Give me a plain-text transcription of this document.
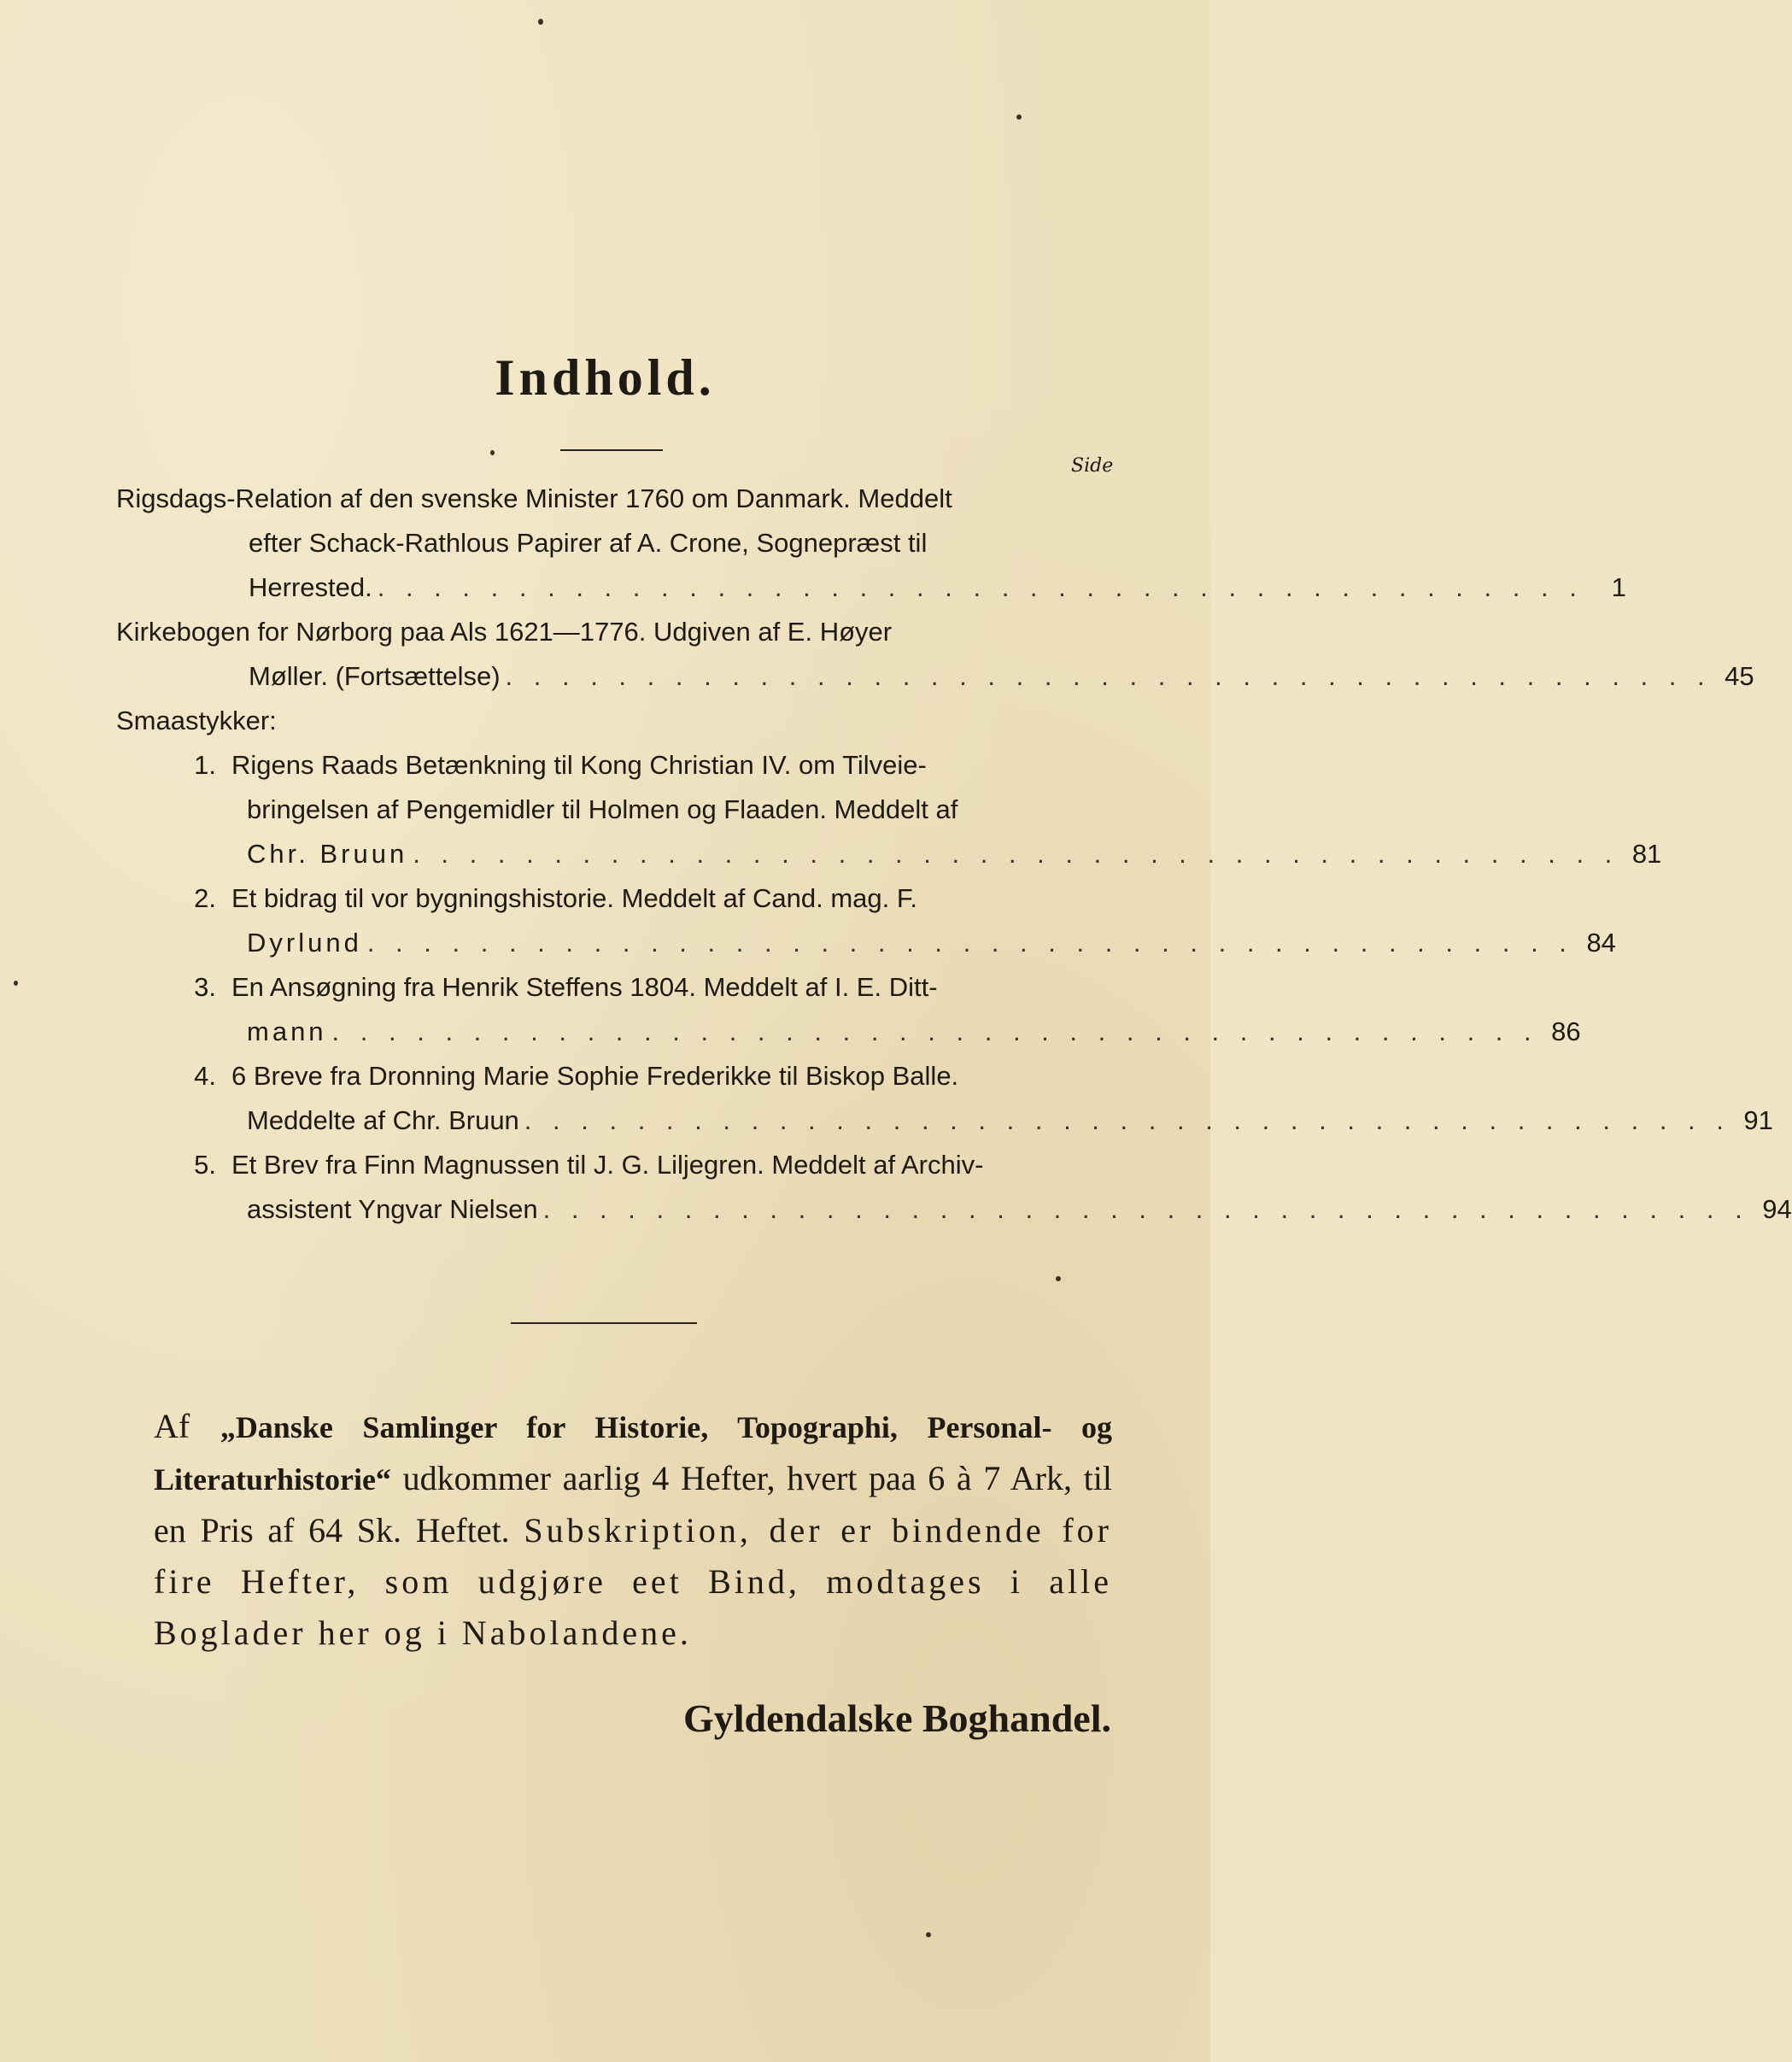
Indhold.
Side
Rigsdags-Relation af den svenske Minister 1760 om Danmark. Meddelt
efter Schack-Rathlous Papirer af A. Crone, Sognepræst til
Herrested. . . . . . . . . . . . . . . . . . . . . . . . . . . . . . . . . . . . . . . . . . . .	1
Kirkebogen for Nørborg paa Als 1621—1776. Udgiven af E. Høyer
Møller. (Fortsættelse) . . . . . . . . . . . . . . . . . . . . . . . . . . . . . . . . . . . . . . . . . . . 45
Smaastykker:
1. Rigens Raads Betænkning til Kong Christian IV. om Tilveie-
bringelsen af Pengemidler til Holmen og Flaaden. Meddelt af
Chr. Bruun . . . . . . . . . . . . . . . . . . . . . . . . . . . . . . . . . . . . . . . . . . . 81
2. Et bidrag til vor bygningshistorie. Meddelt af Cand. mag. F.
Dyrlund . . . . . . . . . . . . . . . . . . . . . . . . . . . . . . . . . . . . . . . . . . . 84
3. En Ansøgning fra Henrik Steffens 1804. Meddelt af I. E. Ditt-
mann . . . . . . . . . . . . . . . . . . . . . . . . . . . . . . . . . . . . . . . . . . . 86
4. 6 Breve fra Dronning Marie Sophie Frederikke til Biskop Balle.
Meddelte af Chr. Bruun . . . . . . . . . . . . . . . . . . . . . . . . . . . . . . . . . . . . . . . . . . . 91
5. Et Brev fra Finn Magnussen til J. G. Liljegren. Meddelt af Archiv-
assistent Yngvar Nielsen . . . . . . . . . . . . . . . . . . . . . . . . . . . . . . . . . . . . . . . . . . . 94

Af „Danske Samlinger for Historie, Topographi, Personal- og Literaturhistorie“ udkommer aarlig 4 Hefter, hvert paa 6 à 7 Ark, til en Pris af 64 Sk. Heftet. Subskription, der er bindende for fire Hefter, som udgjøre eet Bind, modtages i alle Boglader her og i Nabolandene.

Gyldendalske Boghandel.
